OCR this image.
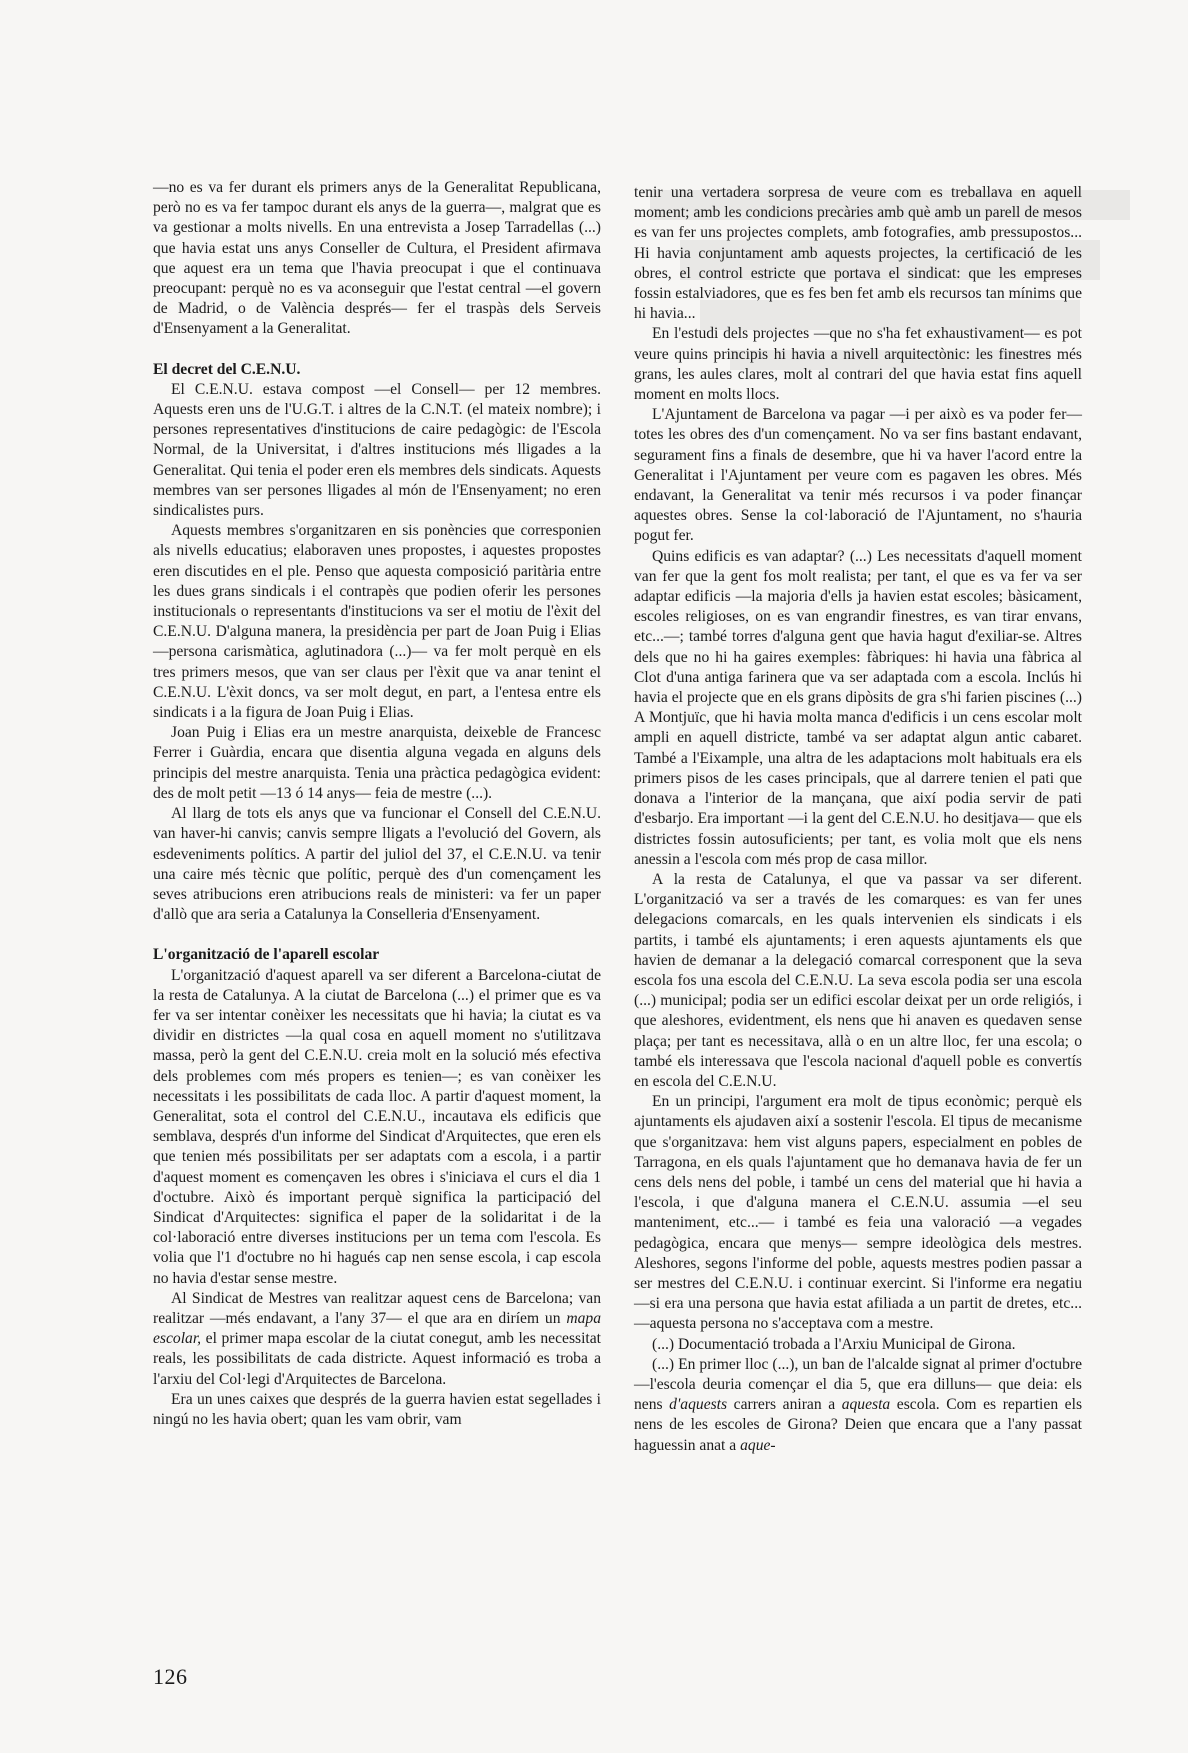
—no es va fer durant els primers anys de la Generalitat Republicana, però no es va fer tampoc durant els anys de la guerra—, malgrat que es va gestionar a molts nivells. En una entrevista a Josep Tarradellas (...) que havia estat uns anys Conseller de Cultura, el President afirmava que aquest era un tema que l'havia preocupat i que el continuava preocupant: perquè no es va aconseguir que l'estat central —el govern de Madrid, o de València després— fer el traspàs dels Serveis d'Ensenyament a la Generalitat.

El decret del C.E.N.U.

El C.E.N.U. estava compost —el Consell— per 12 membres. Aquests eren uns de l'U.G.T. i altres de la C.N.T. (el mateix nombre); i persones representatives d'institucions de caire pedagògic: de l'Escola Normal, de la Universitat, i d'altres institucions més lligades a la Generalitat. Qui tenia el poder eren els membres dels sindicats. Aquests membres van ser persones lligades al món de l'Ensenyament; no eren sindicalistes purs.

Aquests membres s'organitzaren en sis ponències que corresponien als nivells educatius; elaboraven unes propostes, i aquestes propostes eren discutides en el ple. Penso que aquesta composició paritària entre les dues grans sindicals i el contrapès que podien oferir les persones institucionals o representants d'institucions va ser el motiu de l'èxit del C.E.N.U. D'alguna manera, la presidència per part de Joan Puig i Elias —persona carismàtica, aglutinadora (...)— va fer molt perquè en els tres primers mesos, que van ser claus per l'èxit que va anar tenint el C.E.N.U. L'èxit doncs, va ser molt degut, en part, a l'entesa entre els sindicats i a la figura de Joan Puig i Elias.

Joan Puig i Elias era un mestre anarquista, deixeble de Francesc Ferrer i Guàrdia, encara que disentia alguna vegada en alguns dels principis del mestre anarquista. Tenia una pràctica pedagògica evident: des de molt petit —13 ó 14 anys— feia de mestre (...).

Al llarg de tots els anys que va funcionar el Consell del C.E.N.U. van haver-hi canvis; canvis sempre lligats a l'evolució del Govern, als esdeveniments polítics. A partir del juliol del 37, el C.E.N.U. va tenir una caire més tècnic que polític, perquè des d'un començament les seves atribucions eren atribucions reals de ministeri: va fer un paper d'allò que ara seria a Catalunya la Conselleria d'Ensenyament.

L'organització de l'aparell escolar

L'organització d'aquest aparell va ser diferent a Barcelona-ciutat de la resta de Catalunya. A la ciutat de Barcelona (...) el primer que es va fer va ser intentar conèixer les necessitats que hi havia; la ciutat es va dividir en districtes —la qual cosa en aquell moment no s'utilitzava massa, però la gent del C.E.N.U. creia molt en la solució més efectiva dels problemes com més propers es tenien—; es van conèixer les necessitats i les possibilitats de cada lloc. A partir d'aquest moment, la Generalitat, sota el control del C.E.N.U., incautava els edificis que semblava, després d'un informe del Sindicat d'Arquitectes, que eren els que tenien més possibilitats per ser adaptats com a escola, i a partir d'aquest moment es començaven les obres i s'iniciava el curs el dia 1 d'octubre. Això és important perquè significa la participació del Sindicat d'Arquitectes: significa el paper de la solidaritat i de la col·laboració entre diverses institucions per un tema com l'escola. Es volia que l'1 d'octubre no hi hagués cap nen sense escola, i cap escola no havia d'estar sense mestre.

Al Sindicat de Mestres van realitzar aquest cens de Barcelona; van realitzar —més endavant, a l'any 37— el que ara en diríem un mapa escolar, el primer mapa escolar de la ciutat conegut, amb les necessitat reals, les possibilitats de cada districte. Aquest informació es troba a l'arxiu del Col·legi d'Arquitectes de Barcelona.

Era un unes caixes que després de la guerra havien estat segellades i ningú no les havia obert; quan les vam obrir, vam

tenir una vertadera sorpresa de veure com es treballava en aquell moment; amb les condicions precàries amb què amb un parell de mesos es van fer uns projectes complets, amb fotografies, amb pressupostos... Hi havia conjuntament amb aquests projectes, la certificació de les obres, el control estricte que portava el sindicat: que les empreses fossin estalviadores, que es fes ben fet amb els recursos tan mínims que hi havia...

En l'estudi dels projectes —que no s'ha fet exhaustivament— es pot veure quins principis hi havia a nivell arquitectònic: les finestres més grans, les aules clares, molt al contrari del que havia estat fins aquell moment en molts llocs.

L'Ajuntament de Barcelona va pagar —i per això es va poder fer— totes les obres des d'un començament. No va ser fins bastant endavant, segurament fins a finals de desembre, que hi va haver l'acord entre la Generalitat i l'Ajuntament per veure com es pagaven les obres. Més endavant, la Generalitat va tenir més recursos i va poder finançar aquestes obres. Sense la col·laboració de l'Ajuntament, no s'hauria pogut fer.

Quins edificis es van adaptar? (...) Les necessitats d'aquell moment van fer que la gent fos molt realista; per tant, el que es va fer va ser adaptar edificis —la majoria d'ells ja havien estat escoles; bàsicament, escoles religioses, on es van engrandir finestres, es van tirar envans, etc...—; també torres d'alguna gent que havia hagut d'exiliar-se. Altres dels que no hi ha gaires exemples: fàbriques: hi havia una fàbrica al Clot d'una antiga farinera que va ser adaptada com a escola. Inclús hi havia el projecte que en els grans dipòsits de gra s'hi farien piscines (...) A Montjuïc, que hi havia molta manca d'edificis i un cens escolar molt ampli en aquell districte, també va ser adaptat algun antic cabaret. També a l'Eixample, una altra de les adaptacions molt habituals era els primers pisos de les cases principals, que al darrere tenien el pati que donava a l'interior de la mançana, que així podia servir de pati d'esbarjo. Era important —i la gent del C.E.N.U. ho desitjava— que els districtes fossin autosuficients; per tant, es volia molt que els nens anessin a l'escola com més prop de casa millor.

A la resta de Catalunya, el que va passar va ser diferent. L'organització va ser a través de les comarques: es van fer unes delegacions comarcals, en les quals intervenien els sindicats i els partits, i també els ajuntaments; i eren aquests ajuntaments els que havien de demanar a la delegació comarcal corresponent que la seva escola fos una escola del C.E.N.U. La seva escola podia ser una escola (...) municipal; podia ser un edifici escolar deixat per un orde religiós, i que aleshores, evidentment, els nens que hi anaven es quedaven sense plaça; per tant es necessitava, allà o en un altre lloc, fer una escola; o també els interessava que l'escola nacional d'aquell poble es convertís en escola del C.E.N.U.

En un principi, l'argument era molt de tipus econòmic; perquè els ajuntaments els ajudaven així a sostenir l'escola. El tipus de mecanisme que s'organitzava: hem vist alguns papers, especialment en pobles de Tarragona, en els quals l'ajuntament que ho demanava havia de fer un cens dels nens del poble, i també un cens del material que hi havia a l'escola, i que d'alguna manera el C.E.N.U. assumia —el seu manteniment, etc...— i també es feia una valoració —a vegades pedagògica, encara que menys— sempre ideològica dels mestres. Aleshores, segons l'informe del poble, aquests mestres podien passar a ser mestres del C.E.N.U. i continuar exercint. Si l'informe era negatiu —si era una persona que havia estat afiliada a un partit de dretes, etc... —aquesta persona no s'acceptava com a mestre.

(...) Documentació trobada a l'Arxiu Municipal de Girona.

(...) En primer lloc (...), un ban de l'alcalde signat al primer d'octubre —l'escola deuria començar el dia 5, que era dilluns— que deia: els nens d'aquests carrers aniran a aquesta escola. Com es repartien els nens de les escoles de Girona? Deien que encara que a l'any passat haguessin anat a aque-

126
